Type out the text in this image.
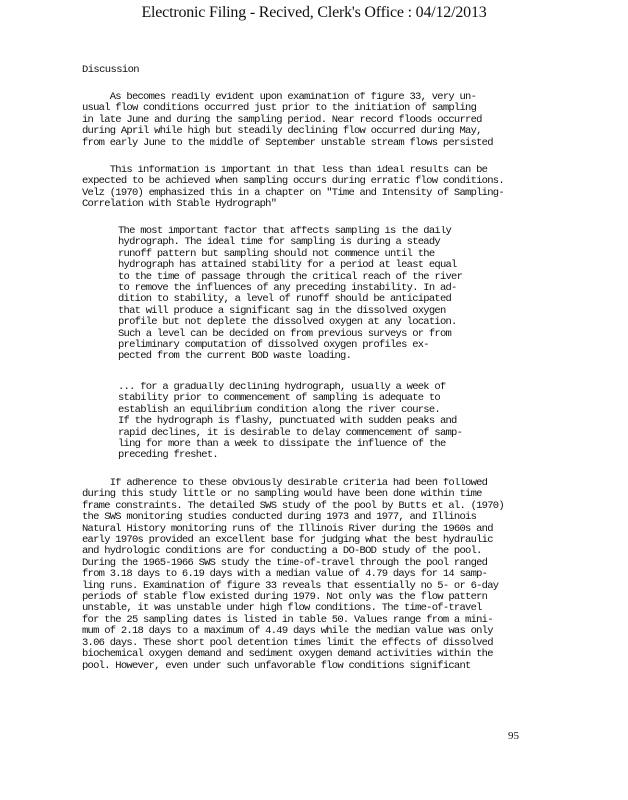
Electronic Filing - Recived, Clerk's Office : 04/12/2013
Discussion
As becomes readily evident upon examination of figure 33, very un-
usual flow conditions occurred just prior to the initiation of sampling
in late June and during the sampling period. Near record floods occurred
during April while high but steadily declining flow occurred during May,
from early June to the middle of September unstable stream flows persisted
This information is important in that less than ideal results can be
expected to be achieved when sampling occurs during erratic flow conditions.
Velz (1970) emphasized this in a chapter on "Time and Intensity of Sampling-
Correlation with Stable Hydrograph"
The most important factor that affects sampling is the daily
hydrograph. The ideal time for sampling is during a steady
runoff pattern but sampling should not commence until the
hydrograph has attained stability for a period at least equal
to the time of passage through the critical reach of the river
to remove the influences of any preceding instability. In ad-
dition to stability, a level of runoff should be anticipated
that will produce a significant sag in the dissolved oxygen
profile but not deplete the dissolved oxygen at any location.
Such a level can be decided on from previous surveys or from
preliminary computation of dissolved oxygen profiles ex-
pected from the current BOD waste loading.
... for a gradually declining hydrograph, usually a week of
stability prior to commencement of sampling is adequate to
establish an equilibrium condition along the river course.
If the hydrograph is flashy, punctuated with sudden peaks and
rapid declines, it is desirable to delay commencement of samp-
ling for more than a week to dissipate the influence of the
preceding freshet.
If adherence to these obviously desirable criteria had been followed
during this study little or no sampling would have been done within time
frame constraints. The detailed SWS study of the pool by Butts et al. (1970)
the SWS monitoring studies conducted during 1973 and 1977, and Illinois
Natural History monitoring runs of the Illinois River during the 1960s and
early 1970s provided an excellent base for judging what the best hydraulic
and hydrologic conditions are for conducting a DO-BOD study of the pool.
During the 1965-1966 SWS study the time-of-travel through the pool ranged
from 3.18 days to 6.19 days with a median value of 4.79 days for 14 samp-
ling runs. Examination of figure 33 reveals that essentially no 5- or 6-day
periods of stable flow existed during 1979. Not only was the flow pattern
unstable, it was unstable under high flow conditions. The time-of-travel
for the 25 sampling dates is listed in table 50. Values range from a mini-
mum of 2.18 days to a maximum of 4.49 days while the median value was only
3.06 days. These short pool detention times limit the effects of dissolved
biochemical oxygen demand and sediment oxygen demand activities within the
pool. However, even under such unfavorable flow conditions significant
95
